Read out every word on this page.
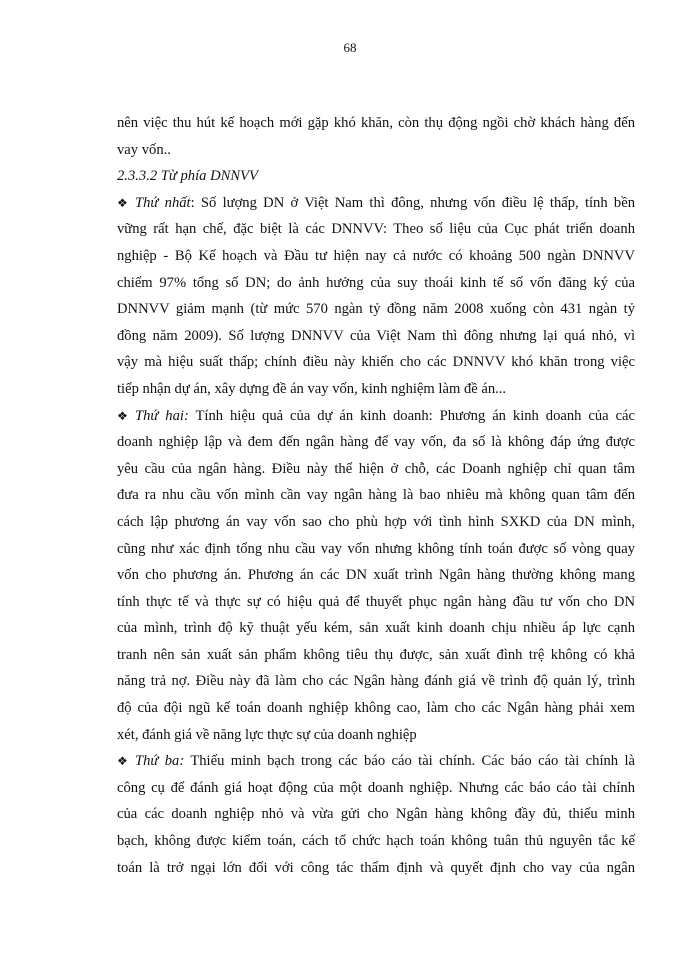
68
nên việc thu hút kế hoạch mới gặp khó khăn, còn thụ động ngồi chờ khách hàng đến
vay vốn..
2.3.3.2 Từ phía DNNVV
❖ Thứ nhất: Số lượng DN ở Việt Nam thì đông, nhưng vốn điều lệ thấp, tính bền
vững rất hạn chế, đặc biệt là các DNNVV: Theo số liệu của Cục phát triển doanh
nghiệp - Bộ Kế hoạch và Đầu tư hiện nay cả nước có khoảng 500 ngàn DNNVV
chiếm 97% tổng số DN; do ảnh hưởng của suy thoái kinh tế số vốn đăng ký của
DNNVV giảm mạnh (từ mức 570 ngàn tỷ đồng năm 2008 xuống còn 431 ngàn tỷ
đồng năm 2009). Số lượng DNNVV của Việt Nam thì đông nhưng lại quá nhỏ, vì
vậy mà hiệu suất thấp; chính điều này khiến cho các DNNVV khó khăn trong việc
tiếp nhận dự án, xây dựng đề án vay vốn, kinh nghiệm làm đề án...
❖ Thứ hai: Tính hiệu quả của dự án kinh doanh: Phương án kinh doanh của các
doanh nghiệp lập và đem đến ngân hàng để vay vốn, đa số là không đáp ứng được
yêu cầu của ngân hàng. Điều này thể hiện ở chỗ, các Doanh nghiệp chỉ quan tâm
đưa ra nhu cầu vốn mình cần vay ngân hàng là bao nhiêu mà không quan tâm đến
cách lập phương án vay vốn sao cho phù hợp với tình hình SXKD của DN mình,
cũng như xác định tổng nhu cầu vay vốn nhưng không tính toán được số vòng quay
vốn cho phương án. Phương án các DN xuất trình Ngân hàng thường không mang
tính thực tế và thực sự có hiệu quả để thuyết phục ngân hàng đầu tư vốn cho DN
của mình, trình độ kỹ thuật yếu kém, sản xuất kinh doanh chịu nhiều áp lực cạnh
tranh nên sản xuất sản phẩm không tiêu thụ được, sản xuất đình trệ không có khả
năng trả nợ. Điều này đã làm cho các Ngân hàng đánh giá về trình độ quản lý, trình
độ của đội ngũ kế toán doanh nghiệp không cao, làm cho các Ngân hàng phải xem
xét, đánh giá về năng lực thực sự của doanh nghiệp
❖ Thứ ba: Thiếu minh bạch trong các báo cáo tài chính. Các báo cáo tài chính là
công cụ để đánh giá hoạt động của một doanh nghiệp. Nhưng các báo cáo tài chính
của các doanh nghiệp nhỏ và vừa gửi cho Ngân hàng không đầy đủ, thiếu minh
bạch, không được kiểm toán, cách tổ chức hạch toán không tuân thủ nguyên tắc kế
toán là trở ngại lớn đối với công tác thẩm định và quyết định cho vay của ngân
